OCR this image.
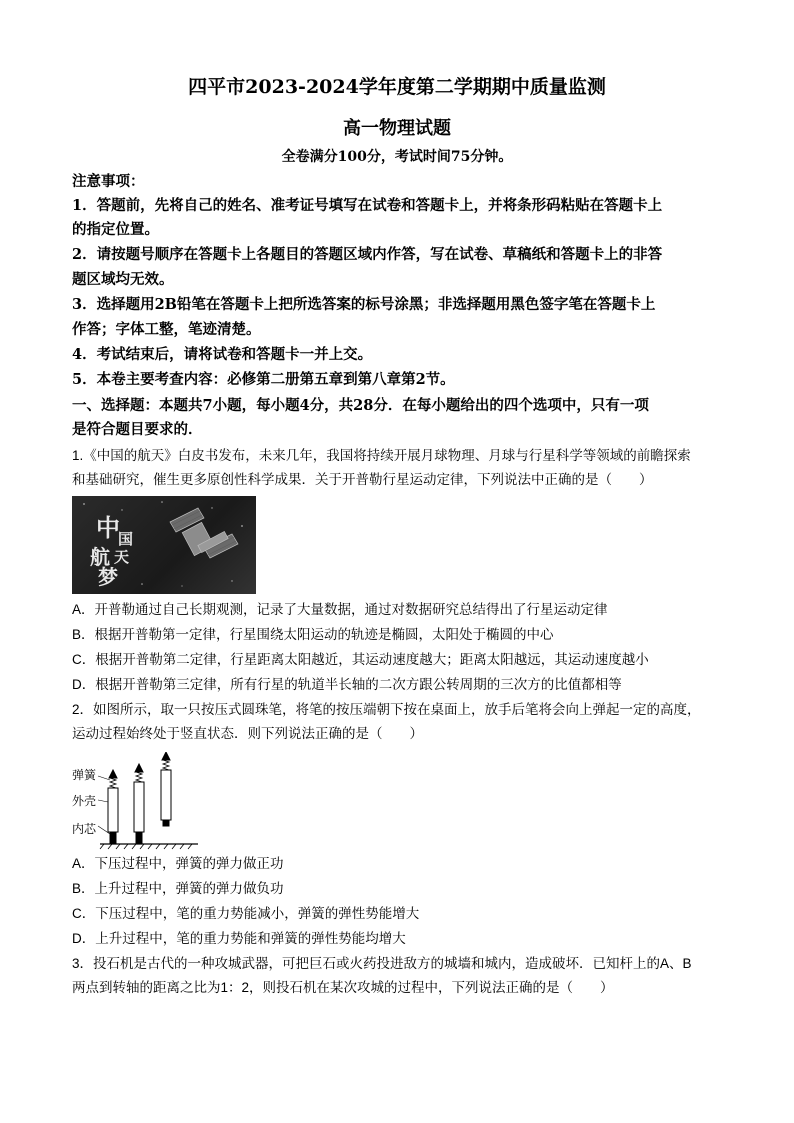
四平市2023-2024学年度第二学期期中质量监测
高一物理试题
全卷满分100分，考试时间75分钟。
注意事项：
1．答题前，先将自己的姓名、准考证号填写在试卷和答题卡上，并将条形码粘贴在答题卡上
的指定位置。
2．请按题号顺序在答题卡上各题目的答题区域内作答，写在试卷、草稿纸和答题卡上的非答
题区域均无效。
3．选择题用2B铅笔在答题卡上把所选答案的标号涂黑；非选择题用黑色签字笔在答题卡上
作答；字体工整，笔迹清楚。
4．考试结束后，请将试卷和答题卡一并上交。
5．本卷主要考查内容：必修第二册第五章到第八章第2节。
一、选择题：本题共7小题，每小题4分，共28分．在每小题给出的四个选项中，只有一项
是符合题目要求的．
1.《中国的航天》白皮书发布，未来几年，我国将持续开展月球物理、月球与行星科学等领域的前瞻探索
和基础研究，催生更多原创性科学成果．关于开普勒行星运动定律，下列说法中正确的是（　　）
中
国
航 天
梦
A．开普勒通过自己长期观测，记录了大量数据，通过对数据研究总结得出了行星运动定律
B．根据开普勒第一定律，行星围绕太阳运动的轨迹是椭圆，太阳处于椭圆的中心
C．根据开普勒第二定律，行星距离太阳越近，其运动速度越大；距离太阳越远，其运动速度越小
D．根据开普勒第三定律，所有行星的轨道半长轴的二次方跟公转周期的三次方的比值都相等
2．如图所示，取一只按压式圆珠笔，将笔的按压端朝下按在桌面上，放手后笔将会向上弹起一定的高度，
运动过程始终处于竖直状态．则下列说法正确的是（　　）
弹簧
外壳
内芯
A．下压过程中，弹簧的弹力做正功
B．上升过程中，弹簧的弹力做负功
C．下压过程中，笔的重力势能减小，弹簧的弹性势能增大
D．上升过程中，笔的重力势能和弹簧的弹性势能均增大
3．投石机是古代的一种攻城武器，可把巨石或火药投进敌方的城墙和城内，造成破坏．已知杆上的A、B
两点到转轴的距离之比为1：2，则投石机在某次攻城的过程中，下列说法正确的是（　　）
